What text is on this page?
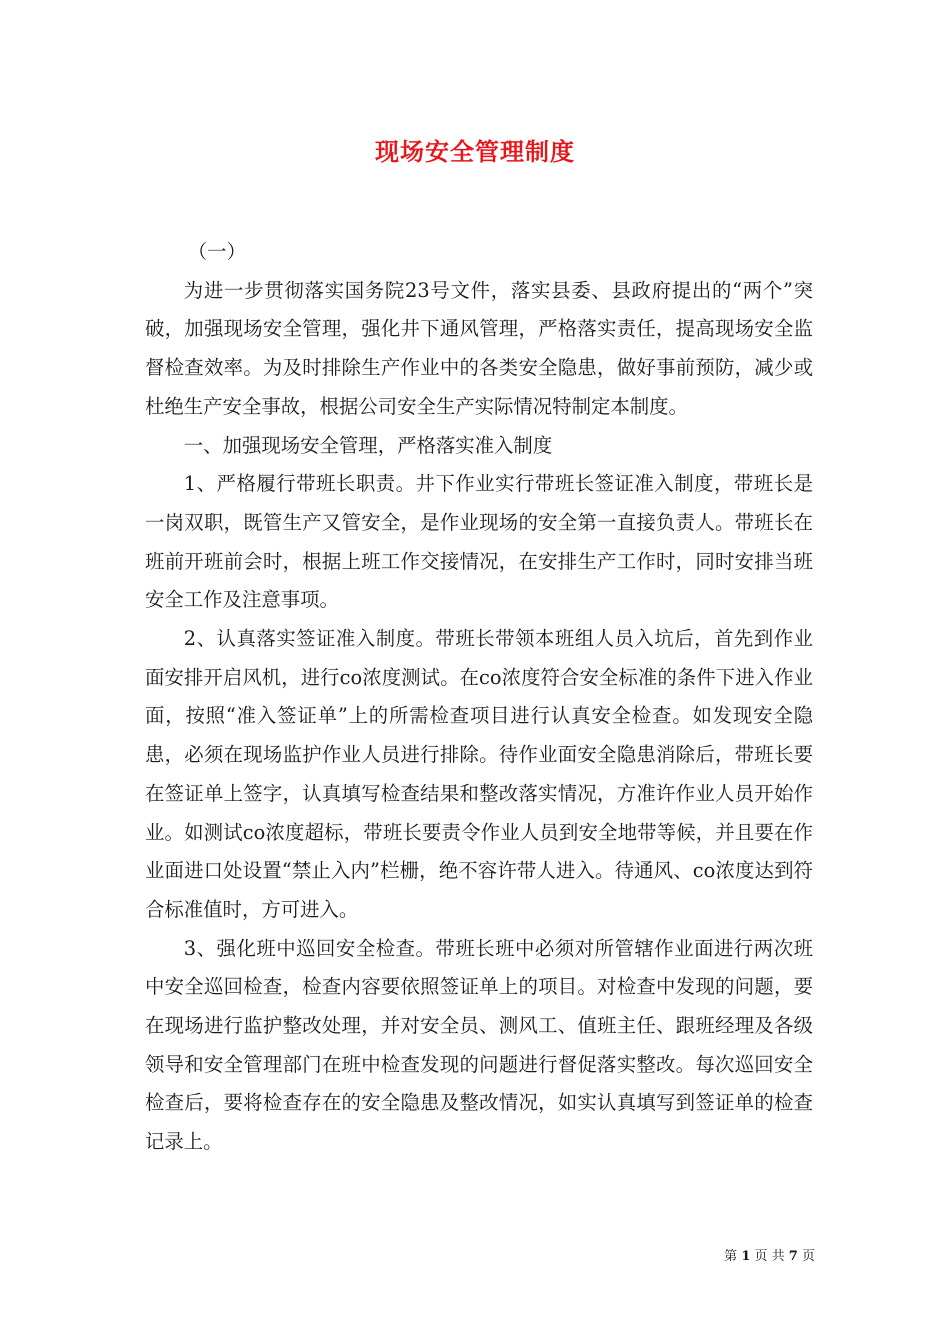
现场安全管理制度

（一）

为进一步贯彻落实国务院23号文件，落实县委、县政府提出的“两个”突破，加强现场安全管理，强化井下通风管理，严格落实责任，提高现场安全监督检查效率。为及时排除生产作业中的各类安全隐患，做好事前预防，减少或杜绝生产安全事故，根据公司安全生产实际情况特制定本制度。

一、加强现场安全管理，严格落实准入制度

1、严格履行带班长职责。井下作业实行带班长签证准入制度，带班长是一岗双职，既管生产又管安全，是作业现场的安全第一直接负责人。带班长在班前开班前会时，根据上班工作交接情况，在安排生产工作时，同时安排当班安全工作及注意事项。

2、认真落实签证准入制度。带班长带领本班组人员入坑后，首先到作业面安排开启风机，进行co浓度测试。在co浓度符合安全标准的条件下进入作业面，按照“准入签证单”上的所需检查项目进行认真安全检查。如发现安全隐患，必须在现场监护作业人员进行排除。待作业面安全隐患消除后，带班长要在签证单上签字，认真填写检查结果和整改落实情况，方准许作业人员开始作业。如测试co浓度超标，带班长要责令作业人员到安全地带等候，并且要在作业面进口处设置“禁止入内”栏栅，绝不容许带人进入。待通风、co浓度达到符合标准值时，方可进入。

3、强化班中巡回安全检查。带班长班中必须对所管辖作业面进行两次班中安全巡回检查，检查内容要依照签证单上的项目。对检查中发现的问题，要在现场进行监护整改处理，并对安全员、测风工、值班主任、跟班经理及各级领导和安全管理部门在班中检查发现的问题进行督促落实整改。每次巡回安全检查后，要将检查存在的安全隐患及整改情况，如实认真填写到签证单的检查记录上。

第 1 页 共 7 页
